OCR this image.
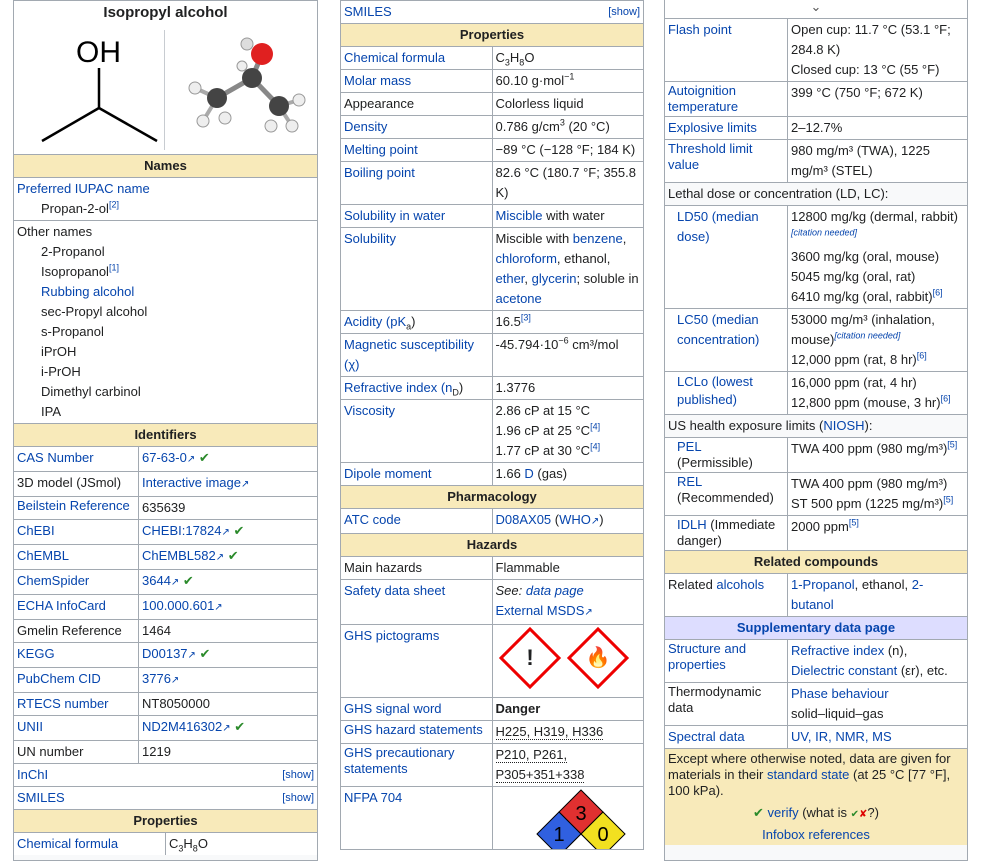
Isopropyl alcohol
OH
Names
Preferred IUPAC name
Propan-2-ol[2]
Other names
2-Propanol
Isopropanol[1]
Rubbing alcohol
sec-Propyl alcohol
s-Propanol
iPrOH
i-PrOH
Dimethyl carbinol
IPA
Identifiers
CAS Number	67-63-0↗ ✔
3D model (JSmol)	Interactive image↗
Beilstein Reference	635639
ChEBI	CHEBI:17824↗ ✔
ChEMBL	ChEMBL582↗ ✔
ChemSpider	3644↗ ✔
ECHA InfoCard	100.000.601↗
Gmelin Reference	1464
KEGG	D00137↗ ✔
PubChem CID	3776↗
RTECS number	NT8050000
UNII	ND2M416302↗ ✔
UN number	1219
InChI	[show]

SMILES	[show]

Properties
Chemical formula	$C_3H_8O$
SMILES [show]	

Properties	
Chemical formula	$C_3H_8O$
Molar mass	60.10 g·mol$^{-1}$
Appearance	Colorless liquid
Density	0.786 $g/cm^3$ (20 °C)
Melting point	−89 °C (−128 °F; 184 K)
Boiling point	82.6 °C (180.7 °F; 355.8 K)
Solubility in water	Miscible with water
Solubility	Miscible with benzene, chloroform, ethanol, ether, glycerin; soluble in acetone
Acidity $(pK_a)$	16.5[3]
Magnetic susceptibility (χ)	$-45.794\cdot 10^{-6}$ cm³/mol
Refractive index $(n_D)$	1.3776
Viscosity	2.86 cP at 15 °C
1.96 cP at 25 °C[4]
1.77 cP at 30 °C[4]
Dipole moment	1.66 D (gas)
Pharmacology	
ATC code	D08AX05 (WHO↗)
Hazards	
Main hazards	Flammable
Safety data sheet	See: data page
External MSDS↗
GHS pictograms	! 🔥

GHS signal word	Danger
GHS hazard statements	H225, H319, H336
GHS precautionary statements	P210, P261, P305+351+338
NFPA 704	3
1 0
⌄
Flash point	Open cup: 11.7 °C (53.1 °F; 284.8 K)
Closed cup: 13 °C (55 °F)
Autoignition temperature	399 °C (750 °F; 672 K)
Explosive limits	2–12.7%
Threshold limit value	980 mg/m³ (TWA), 1225 mg/m³ (STEL)
Lethal dose or concentration (LD, LC):	
LD50 (median dose)	12800 mg/kg (dermal, rabbit)[citation needed]
3600 mg/kg (oral, mouse)
5045 mg/kg (oral, rat)
6410 mg/kg (oral, rabbit)[6]
LC50 (median concentration)	53000 mg/m³ (inhalation, mouse)[citation needed]
12,000 ppm (rat, 8 hr)[6]
LCLo (lowest published)	16,000 ppm (rat, 4 hr)
12,800 ppm (mouse, 3 hr)[6]
US health exposure limits (NIOSH):	
PEL
(Permissible)	TWA 400 ppm (980 mg/m³)[5]
REL
(Recommended)	TWA 400 ppm (980 mg/m³)
ST 500 ppm (1225 mg/m³)[5]
IDLH (Immediate danger)	2000 ppm[5]
Related compounds	
Related alcohols	1-Propanol, ethanol, 2-butanol
Supplementary data page	
Structure and properties	Refractive index (n),
Dielectric constant (εr), etc.
Thermodynamic data	Phase behaviour
solid–liquid–gas
Spectral data	UV, IR, NMR, MS
Except where otherwise noted, data are given for materials in their standard state (at 25 °C [77 °F], 100 kPa).
✔ verify (what is ✔✘?)
Infobox references	
